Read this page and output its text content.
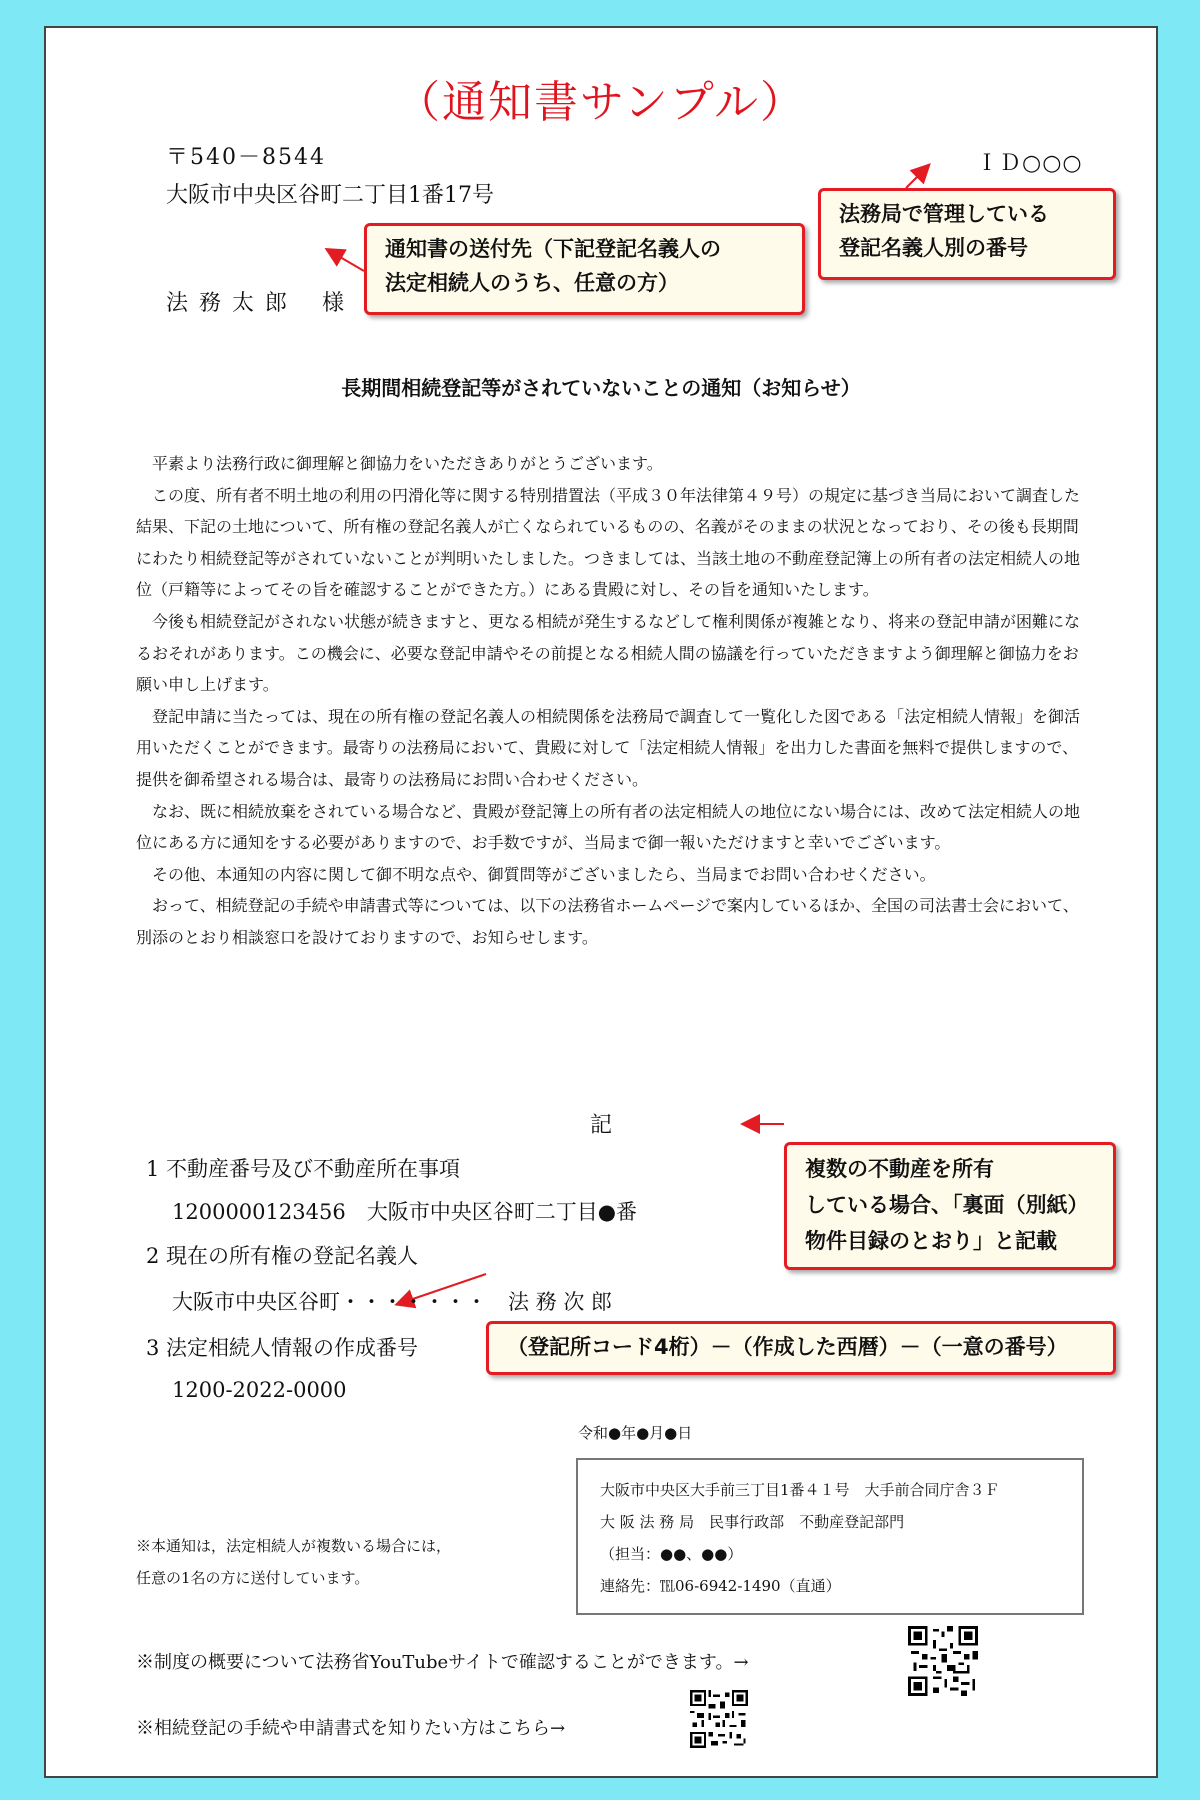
（通知書サンプル）
〒540－8544
大阪市中央区谷町二丁目1番17号
法 務 太 郎　 様
ＩＤ○○○
通知書の送付先（下記登記名義人の
法定相続人のうち、任意の方）
法務局で管理している
登記名義人別の番号
長期間相続登記等がされていないことの通知（お知らせ）

平素より法務行政に御理解と御協力をいただきありがとうございます。

この度、所有者不明土地の利用の円滑化等に関する特別措置法（平成３０年法律第４９号）の規定に基づき当局において調査した結果、下記の土地について、所有権の登記名義人が亡くなられているものの、名義がそのままの状況となっており、その後も長期間にわたり相続登記等がされていないことが判明いたしました。つきましては、当該土地の不動産登記簿上の所有者の法定相続人の地位（戸籍等によってその旨を確認することができた方。）にある貴殿に対し、その旨を通知いたします。

今後も相続登記がされない状態が続きますと、更なる相続が発生するなどして権利関係が複雑となり、将来の登記申請が困難になるおそれがあります。この機会に、必要な登記申請やその前提となる相続人間の協議を行っていただきますよう御理解と御協力をお願い申し上げます。

登記申請に当たっては、現在の所有権の登記名義人の相続関係を法務局で調査して一覧化した図である「法定相続人情報」を御活用いただくことができます。最寄りの法務局において、貴殿に対して「法定相続人情報」を出力した書面を無料で提供しますので、提供を御希望される場合は、最寄りの法務局にお問い合わせください。

なお、既に相続放棄をされている場合など、貴殿が登記簿上の所有者の法定相続人の地位にない場合には、改めて法定相続人の地位にある方に通知をする必要がありますので、お手数ですが、当局まで御一報いただけますと幸いでございます。

その他、本通知の内容に関して御不明な点や、御質問等がございましたら、当局までお問い合わせください。

おって、相続登記の手続や申請書式等については、以下の法務省ホームページで案内しているほか、全国の司法書士会において、別添のとおり相談窓口を設けておりますので、お知らせします。

記
1 不動産番号及び不動産所在事項
1200000123456　大阪市中央区谷町二丁目●番
2 現在の所有権の登記名義人
大阪市中央区谷町・・・・・・・　法 務 次 郎
3 法定相続人情報の作成番号
1200-2022-0000
複数の不動産を所有
している場合、「裏面（別紙）
物件目録のとおり」と記載
（登記所コード4桁）－（作成した西暦）－（一意の番号）
令和●年●月●日
大阪市中央区大手前三丁目1番４１号　大手前合同庁舎３Ｆ
大 阪 法 務 局　民事行政部　不動産登記部門
（担当：●●、●●）
連絡先：℡06-6942-1490（直通）
※本通知は，法定相続人が複数いる場合には，
任意の1名の方に送付しています。
※制度の概要について法務省YouTubeサイトで確認することができます。→
※相続登記の手続や申請書式を知りたい方はこちら→
